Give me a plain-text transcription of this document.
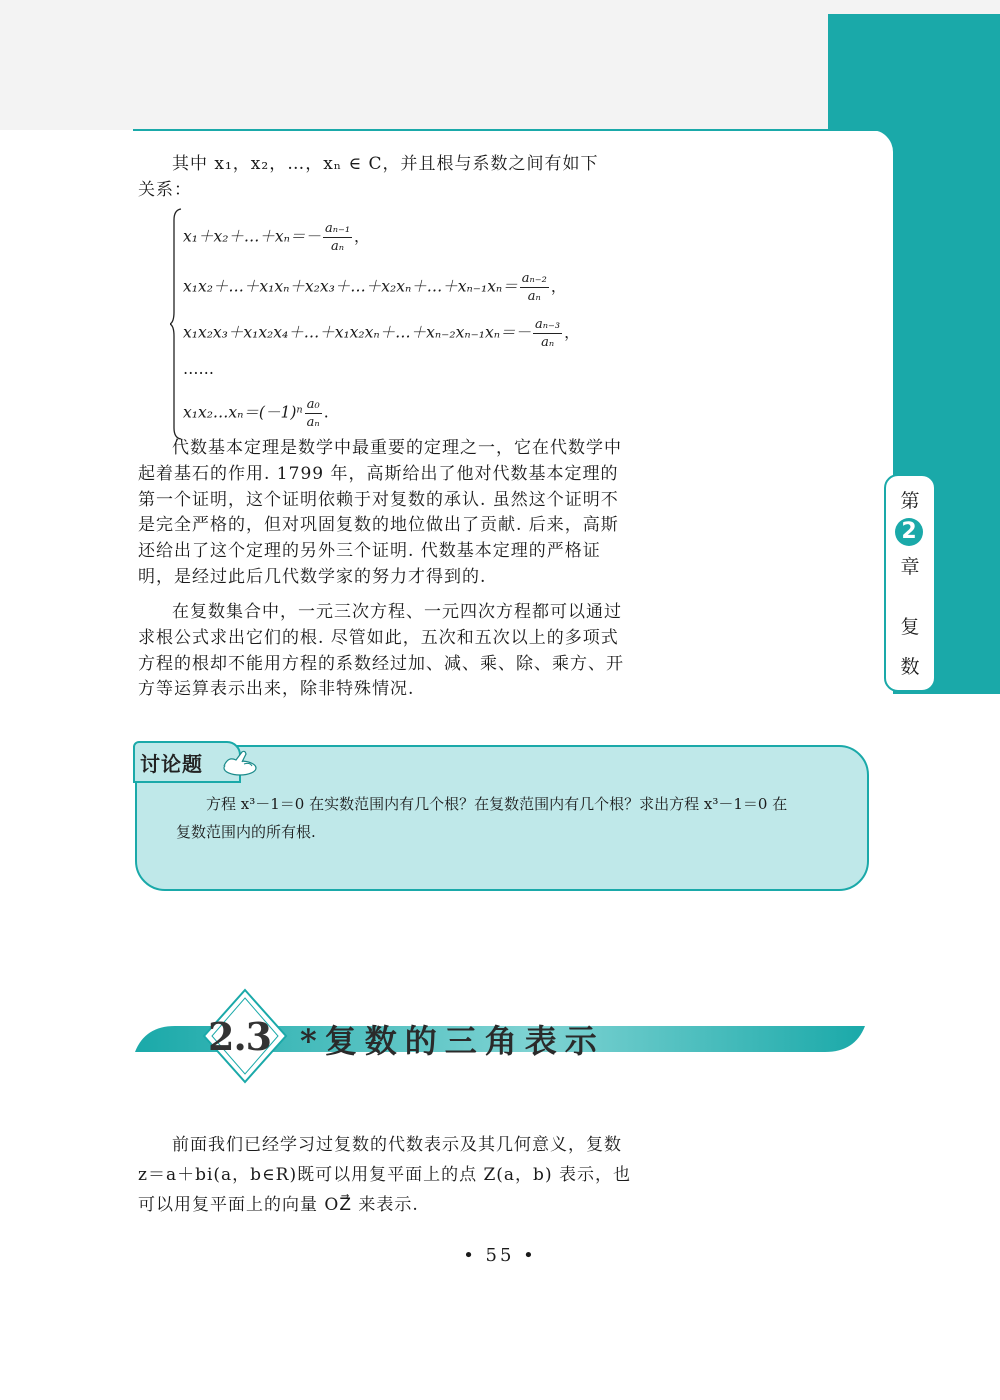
第
2
章
复
数
其中 x₁，x₂，…，xₙ ∈ C，并且根与系数之间有如下
关系：
x₁＋x₂＋…＋xₙ＝－ $\frac{\text{aₙ₋₁}}{\text{aₙ}}$ ，
x₁x₂＋…＋x₁xₙ＋x₂x₃＋…＋x₂xₙ＋…＋xₙ₋₁xₙ＝ $\frac{\text{aₙ₋₂}}{\text{aₙ}}$ ，
x₁x₂x₃＋x₁x₂x₄＋…＋x₁x₂xₙ＋…＋xₙ₋₂xₙ₋₁xₙ＝－ $\frac{\text{aₙ₋₃}}{\text{aₙ}}$ ，
……
x₁x₂…xₙ＝(－1)ⁿ $\frac{\text{a₀}}{\text{aₙ}}$ .
代数基本定理是数学中最重要的定理之一，它在代数学中
起着基石的作用. 1799 年，高斯给出了他对代数基本定理的
第一个证明，这个证明依赖于对复数的承认. 虽然这个证明不
是完全严格的，但对巩固复数的地位做出了贡献. 后来，高斯
还给出了这个定理的另外三个证明. 代数基本定理的严格证
明，是经过此后几代数学家的努力才得到的.
在复数集合中，一元三次方程、一元四次方程都可以通过
求根公式求出它们的根. 尽管如此，五次和五次以上的多项式
方程的根却不能用方程的系数经过加、减、乘、除、乘方、开
方等运算表示出来，除非特殊情况.
讨论题
方程 x³－1＝0 在实数范围内有几个根？在复数范围内有几个根？求出方程 x³－1＝0 在
复数范围内的所有根.
2.3 *复数的三角表示
前面我们已经学习过复数的代数表示及其几何意义，复数
z＝a＋bi(a，b∈R)既可以用复平面上的点 Z(a，b) 表示，也
可以用复平面上的向量 OZ⃗ 来表示.
• 55 •
